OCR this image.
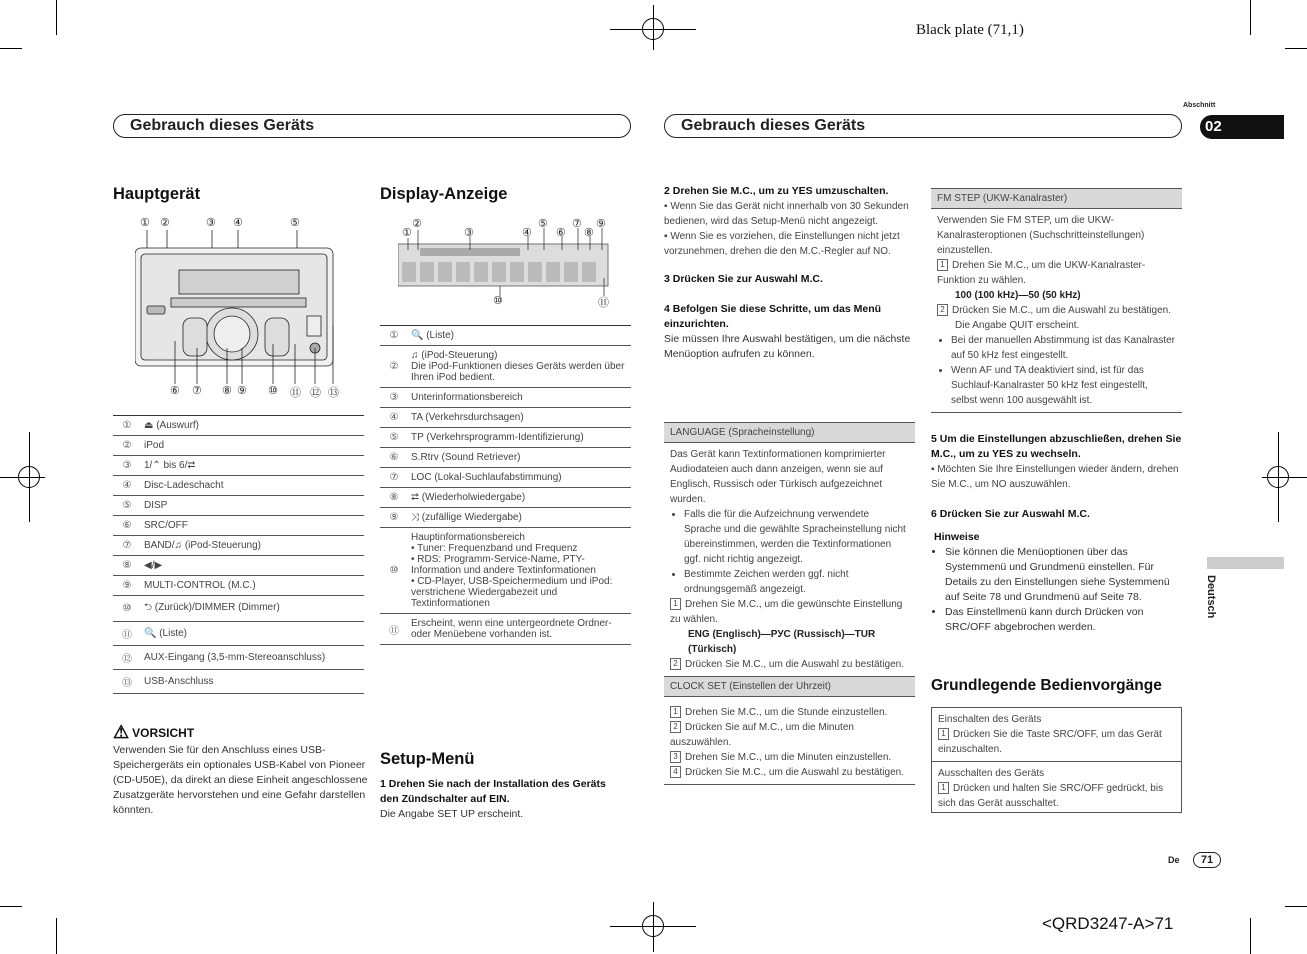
Black plate (71,1)
Abschnitt
02
Gebrauch dieses Geräts	Gebrauch dieses Geräts
Hauptgerät
① ②	③ ④	⑤
⑥ ⑦ ⑧ ⑨ ⑩ ⑪ ⑫ ⑬
①	⏏ (Auswurf)
②	iPod
③	1/⌃ bis 6/⮂
④	Disc-Ladeschacht
⑤	DISP
⑥	SRC/OFF
⑦	BAND/♫ (iPod-Steuerung)
⑧	◀/▶
⑨	MULTI-CONTROL (M.C.)
⑩	⮌ (Zurück)/DIMMER (Dimmer)
⑪	🔍 (Liste)
⑫	AUX-Eingang (3,5-mm-Stereoanschluss)
⑬	USB-Anschluss
⚠ VORSICHT
Verwenden Sie für den Anschluss eines USB-Speichergeräts ein optionales USB-Kabel von Pioneer (CD-U50E), da direkt an diese Einheit angeschlossene Zusatzgeräte hervorstehen und eine Gefahr darstellen könnten.
Display-Anzeige
①
②
③	④
⑤
⑥
⑦
⑧
⑨
⑩	⑪
①	🔍 (Liste)
②	♫ (iPod-Steuerung)
Die iPod-Funktionen dieses Geräts werden über Ihren iPod bedient.
③	Unterinformationsbereich
④	TA (Verkehrsdurchsagen)
⑤	TP (Verkehrsprogramm-Identifizierung)
⑥	S.Rtrv (Sound Retriever)
⑦	LOC (Lokal-Suchlaufabstimmung)
⑧	⮂ (Wiederholwiedergabe)
⑨	⤨ (zufällige Wiedergabe)
⑩	Hauptinformationsbereich
• Tuner: Frequenzband und Frequenz
• RDS: Programm-Service-Name, PTY-Information und andere Textinformationen
• CD-Player, USB-Speichermedium und iPod: verstrichene Wiedergabezeit und Textinformationen
⑪	Erscheint, wenn eine untergeordnete Ordner- oder Menüebene vorhanden ist.
Setup-Menü
1 Drehen Sie nach der Installation des Geräts den Zündschalter auf EIN.
Die Angabe SET UP erscheint.
2 Drehen Sie M.C., um zu YES umzuschalten.
▪ Wenn Sie das Gerät nicht innerhalb von 30 Sekunden bedienen, wird das Setup-Menü nicht angezeigt.
▪ Wenn Sie es vorziehen, die Einstellungen nicht jetzt vorzunehmen, drehen die den M.C.-Regler auf NO.
3 Drücken Sie zur Auswahl M.C.
4 Befolgen Sie diese Schritte, um das Menü einzurichten.
Sie müssen Ihre Auswahl bestätigen, um die nächste Menüoption aufrufen zu können.
LANGUAGE (Spracheinstellung)
Das Gerät kann Textinformationen komprimierter Audiodateien auch dann anzeigen, wenn sie auf Englisch, Russisch oder Türkisch aufgezeichnet wurden.
• Falls die für die Aufzeichnung verwendete Sprache und die gewählte Spracheinstellung nicht übereinstimmen, werden die Textinformationen ggf. nicht richtig angezeigt.
• Bestimmte Zeichen werden ggf. nicht ordnungsgemäß angezeigt.
1 Drehen Sie M.C., um die gewünschte Einstellung zu wählen.
ENG (Englisch)—РУС (Russisch)—TUR (Türkisch)
2 Drücken Sie M.C., um die Auswahl zu bestätigen.
CLOCK SET (Einstellen der Uhrzeit)
1 Drehen Sie M.C., um die Stunde einzustellen.
2 Drücken Sie auf M.C., um die Minuten auszuwählen.
3 Drehen Sie M.C., um die Minuten einzustellen.
4 Drücken Sie M.C., um die Auswahl zu bestätigen.
FM STEP (UKW-Kanalraster)
Verwenden Sie FM STEP, um die UKW-Kanalrasteroptionen (Suchschritteinstellungen) einzustellen.
1 Drehen Sie M.C., um die UKW-Kanalraster-Funktion zu wählen.
100 (100 kHz)—50 (50 kHz)
2 Drücken Sie M.C., um die Auswahl zu bestätigen.
Die Angabe QUIT erscheint.
• Bei der manuellen Abstimmung ist das Kanalraster auf 50 kHz fest eingestellt.
• Wenn AF und TA deaktiviert sind, ist für das Suchlauf-Kanalraster 50 kHz fest eingestellt, selbst wenn 100 ausgewählt ist.
5 Um die Einstellungen abzuschließen, drehen Sie M.C., um zu YES zu wechseln.
▪ Möchten Sie Ihre Einstellungen wieder ändern, drehen Sie M.C., um NO auszuwählen.
6 Drücken Sie zur Auswahl M.C.
Hinweise
• Sie können die Menüoptionen über das Systemmenü und Grundmenü einstellen. Für Details zu den Einstellungen siehe Systemmenü auf Seite 78 und Grundmenü auf Seite 78.
• Das Einstellmenü kann durch Drücken von SRC/OFF abgebrochen werden.
Grundlegende Bedienvorgänge
Einschalten des Geräts
1 Drücken Sie die Taste SRC/OFF, um das Gerät einzuschalten.
Ausschalten des Geräts
1 Drücken und halten Sie SRC/OFF gedrückt, bis sich das Gerät ausschaltet.
Deutsch
De	71
<QRD3247-A>71
